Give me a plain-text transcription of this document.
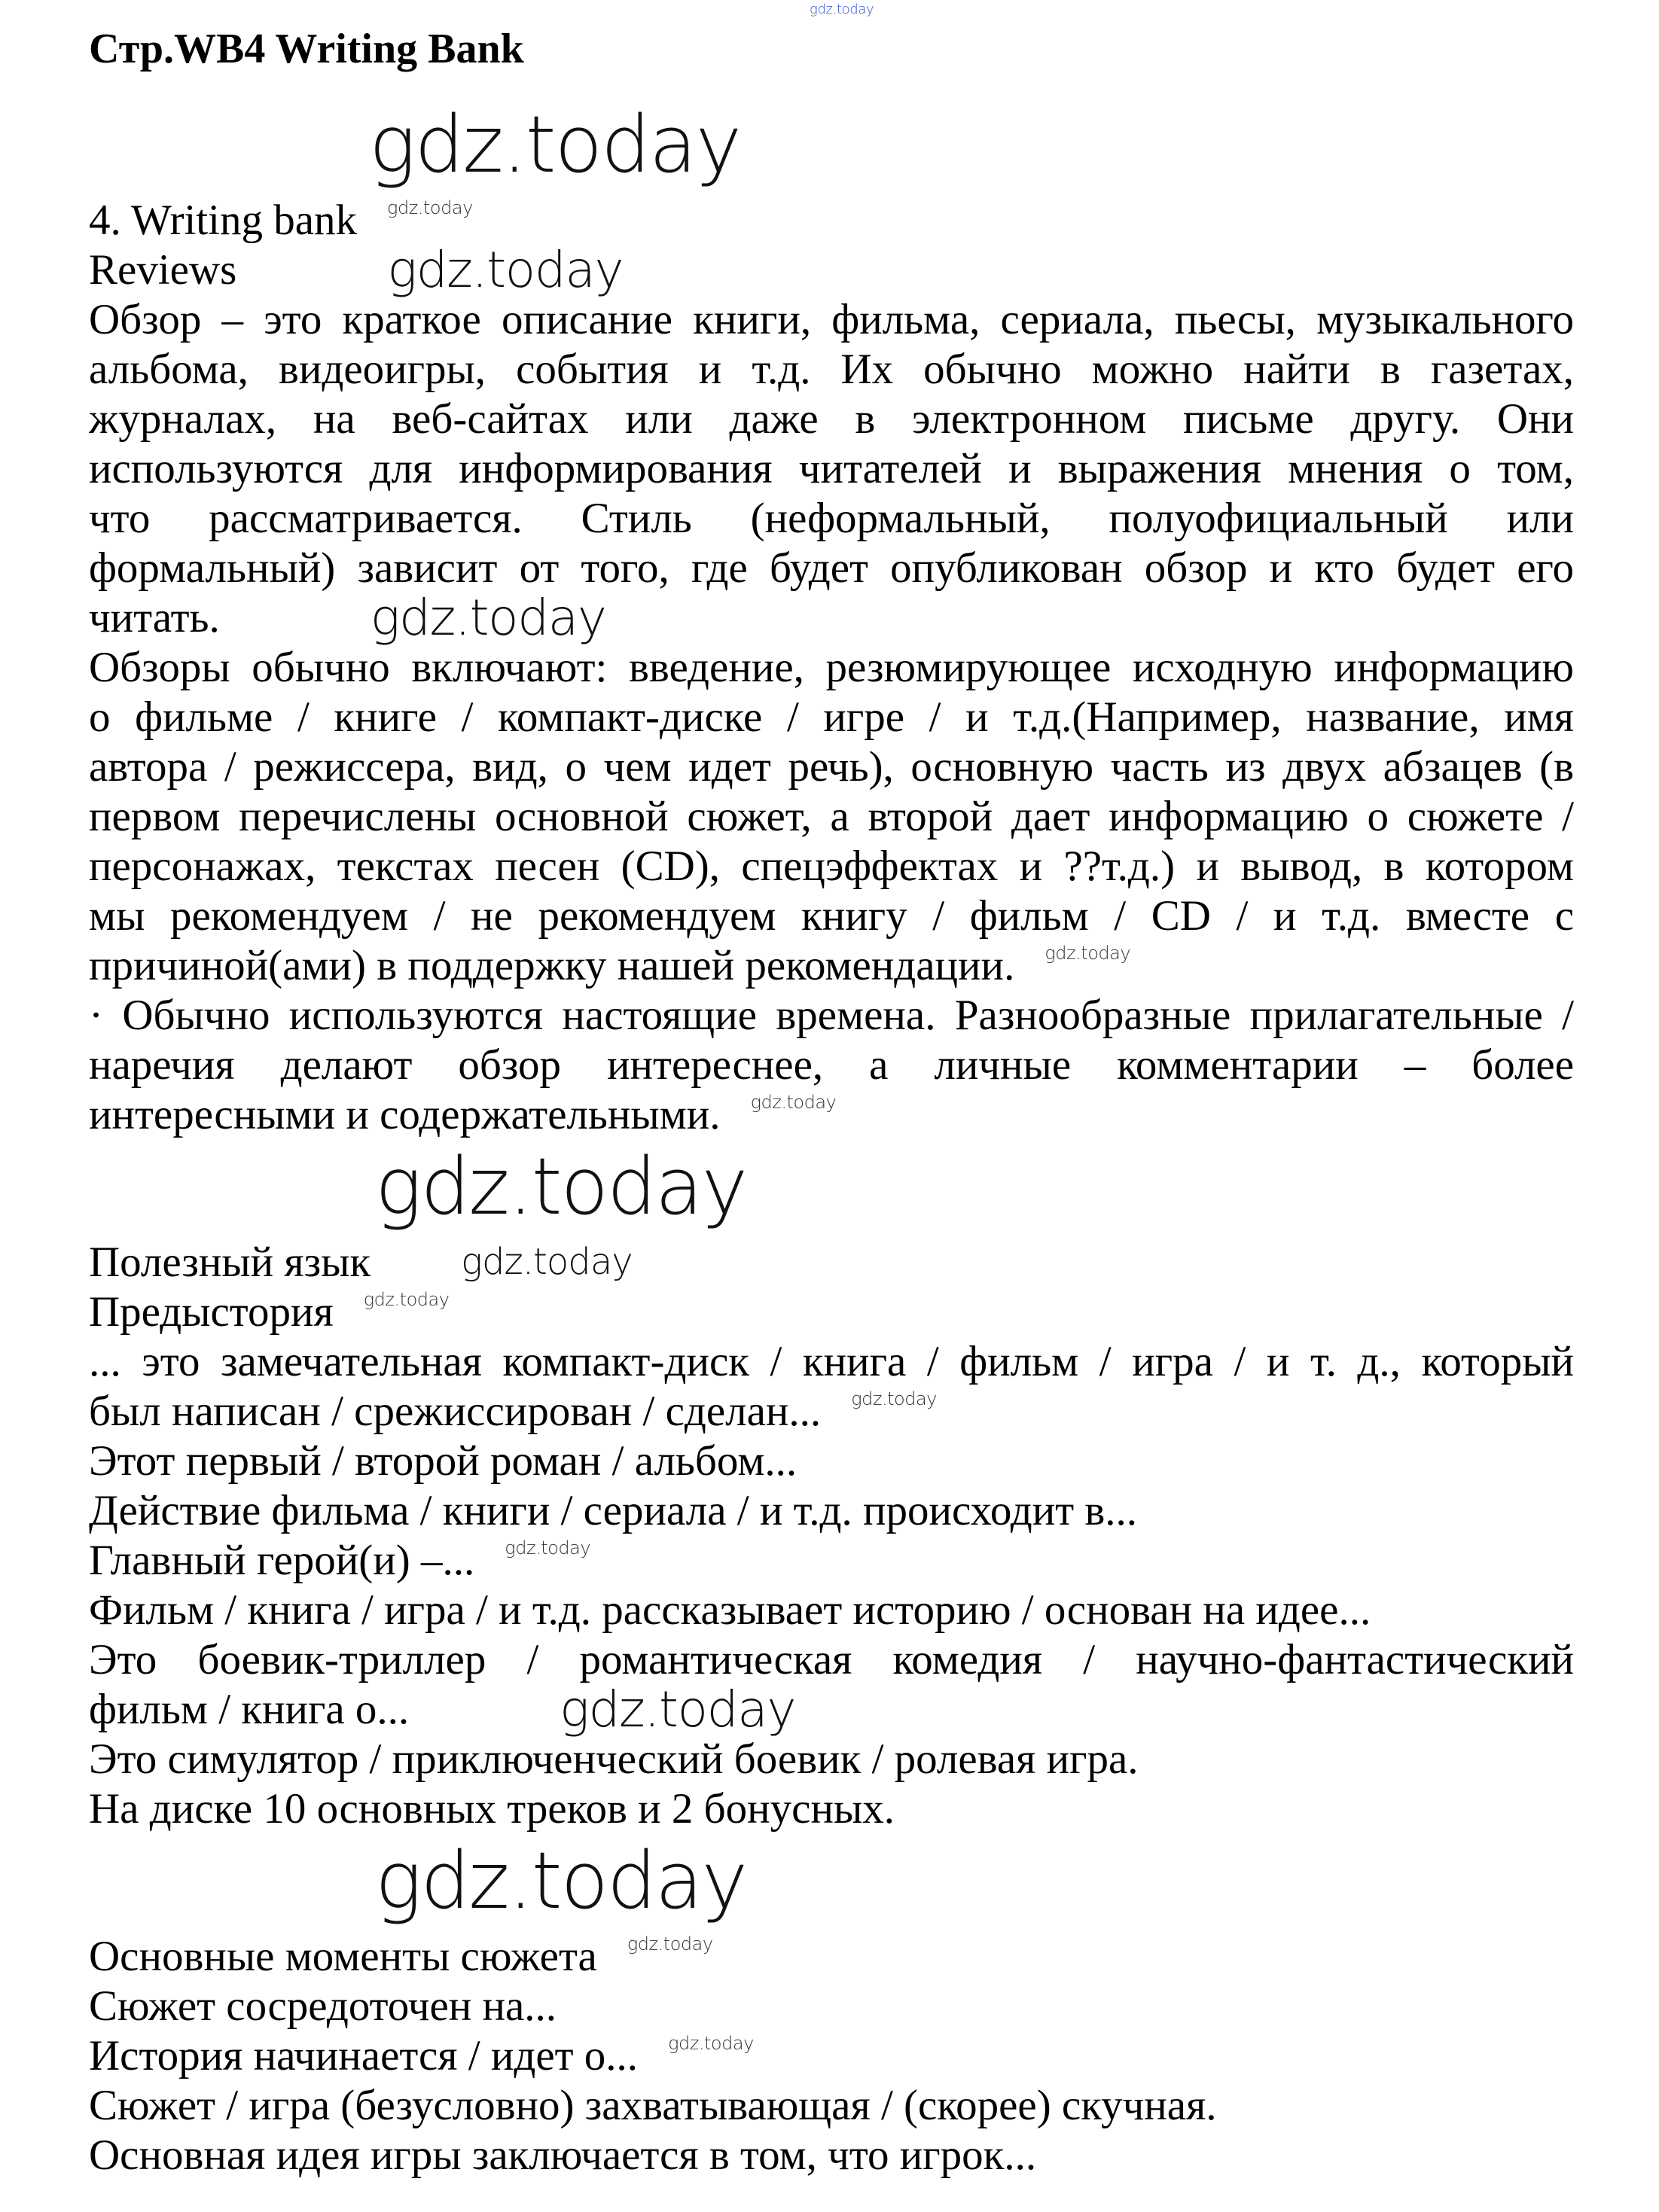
Стр.WB4 Writing Bank
gdz.today
gdz.today
4. Writing bank gdz.today
Reviews	gdz.today
Обзор – это краткое описание книги, фильма, сериала, пьесы, музыкального
альбома, видеоигры, события и т.д. Их обычно можно найти в газетах,
журналах, на веб-сайтах или даже в электронном письме другу. Они
используются для информирования читателей и выражения мнения о том,
что рассматривается. Стиль (неформальный, полуофициальный или
формальный) зависит от того, где будет опубликован обзор и кто будет его
читать.	gdz.today
Обзоры обычно включают: введение, резюмирующее исходную информацию
о фильме / книге / компакт-диске / игре / и т.д.(Например, название, имя
автора / режиссера, вид, о чем идет речь), основную часть из двух абзацев (в
первом перечислены основной сюжет, а второй дает информацию о сюжете /
персонажах, текстах песен (CD), спецэффектах и ??т.д.) и вывод, в котором
мы рекомендуем / не рекомендуем книгу / фильм / CD / и т.д. вместе с
причиной(ами) в поддержку нашей рекомендации. gdz.today
· Обычно используются настоящие времена. Разнообразные прилагательные /
наречия делают обзор интереснее, а личные комментарии – более
интересными и содержательными. gdz.today
gdz.today
Полезный язык	gdz.today
Предыстория gdz.today
... это замечательная компакт-диск / книга / фильм / игра / и т. д., который
был написан / срежиссирован / сделан... gdz.today
Этот первый / второй роман / альбом...
Действие фильма / книги / сериала / и т.д. происходит в...
Главный герой(и) –... gdz.today
Фильм / книга / игра / и т.д. рассказывает историю / основан на идее...
Это боевик-триллер / романтическая комедия / научно-фантастический
фильм / книга о...	gdz.today
Это симулятор / приключенческий боевик / ролевая игра.
На диске 10 основных треков и 2 бонусных.
gdz.today
Основные моменты сюжета gdz.today
Сюжет сосредоточен на...
История начинается / идет о... gdz.today
Сюжет / игра (безусловно) захватывающая / (скорее) скучная.
Основная идея игры заключается в том, что игрок...
